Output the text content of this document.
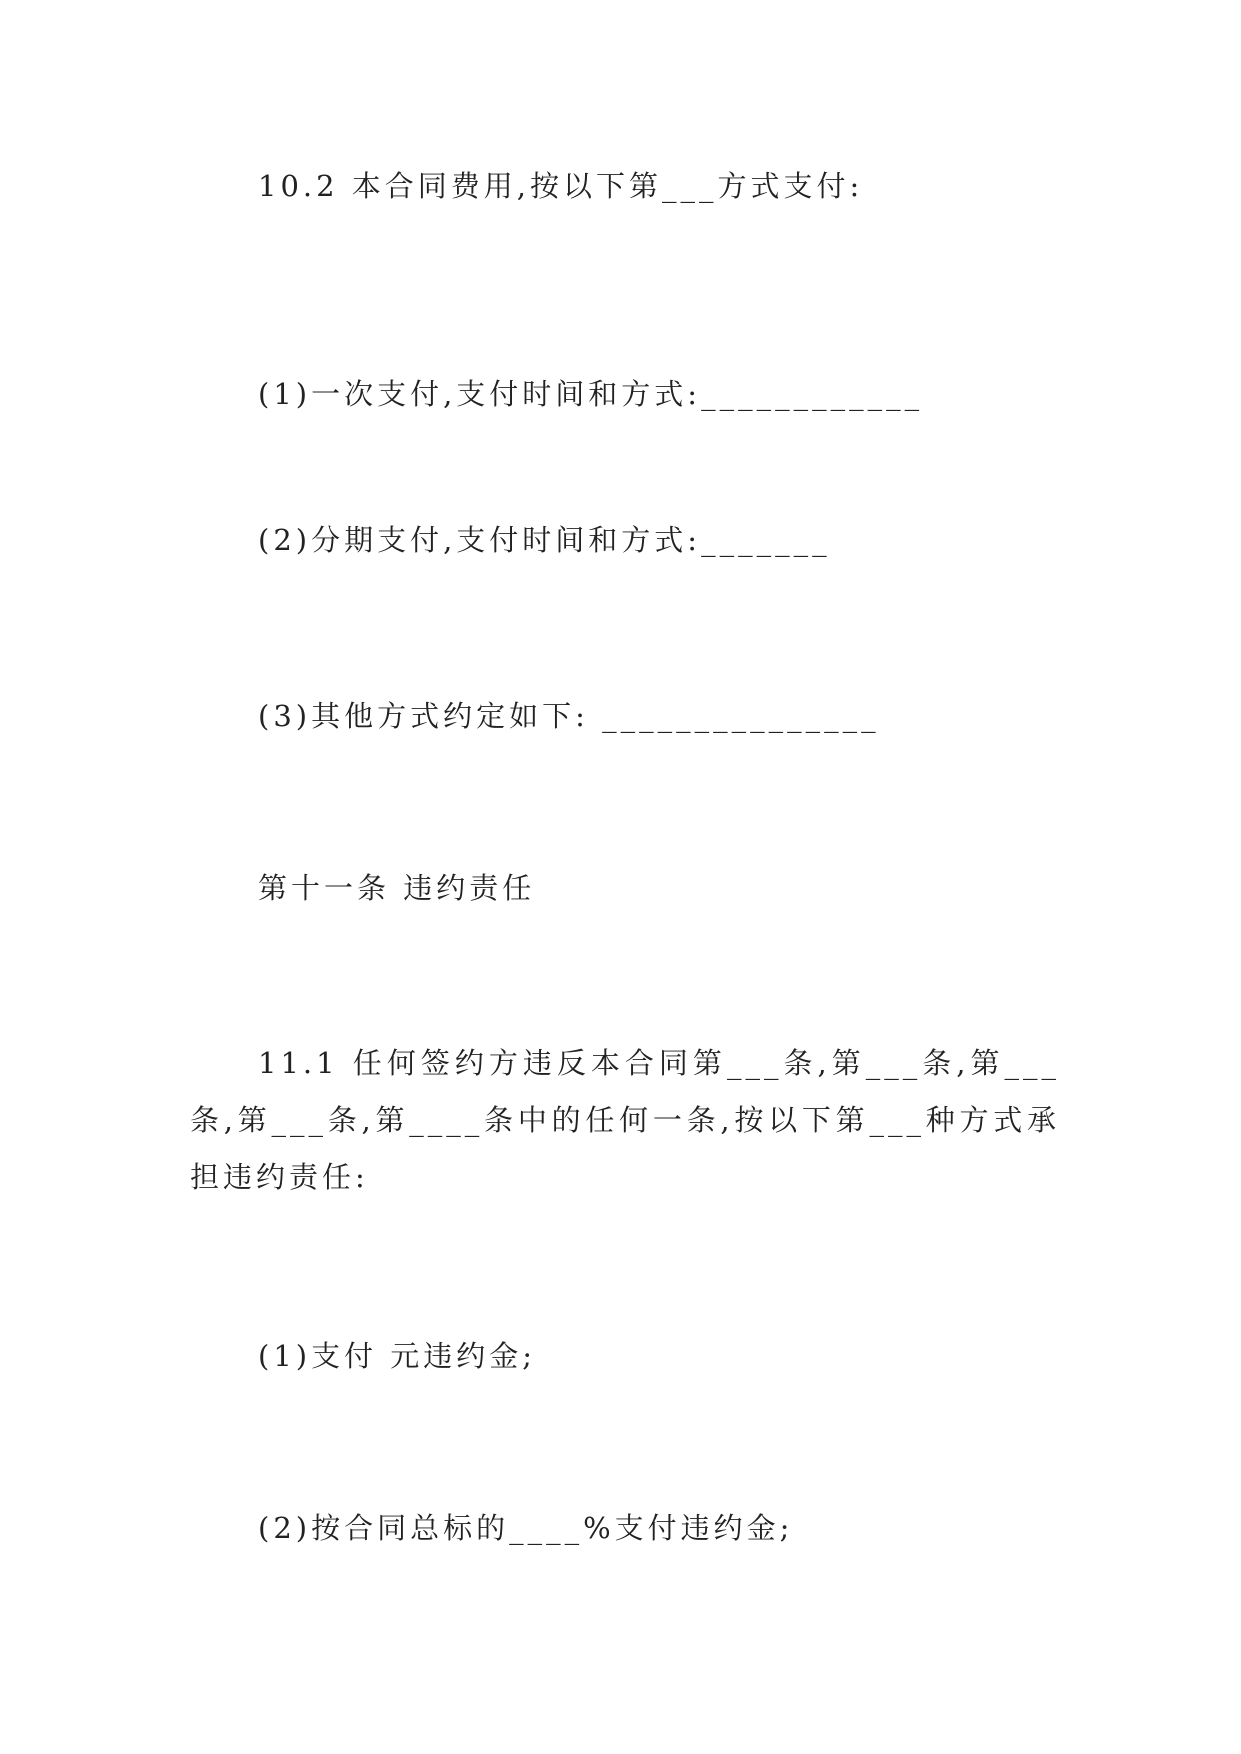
10.2 本合同费用,按以下第___方式支付:
(1)一次支付,支付时间和方式:____________
(2)分期支付,支付时间和方式:_______
(3)其他方式约定如下: _______________
第十一条 违约责任
11.1 任何签约方违反本合同第___条,第___条,第___条,第___条,第____条中的任何一条,按以下第___种方式承担违约责任:
(1)支付 元违约金;
(2)按合同总标的____%支付违约金;
